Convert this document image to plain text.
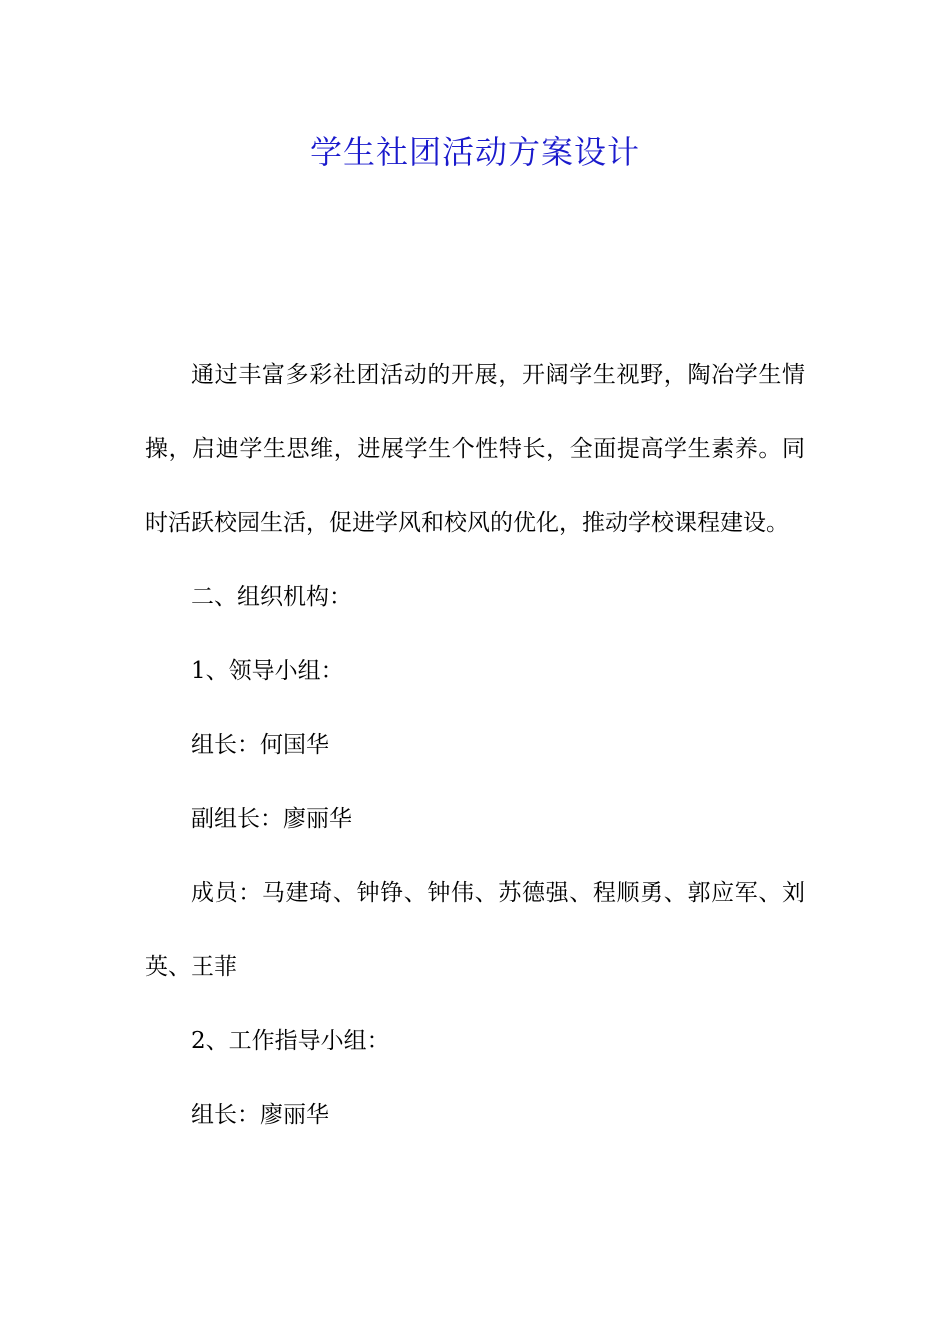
学生社团活动方案设计

通过丰富多彩社团活动的开展，开阔学生视野，陶冶学生情操，启迪学生思维，进展学生个性特长，全面提高学生素养。同时活跃校园生活，促进学风和校风的优化，推动学校课程建设。

二、组织机构：

1、领导小组：

组长：何国华

副组长：廖丽华

成员：马建琦、钟铮、钟伟、苏德强、程顺勇、郭应军、刘英、王菲

2、工作指导小组：

组长：廖丽华
